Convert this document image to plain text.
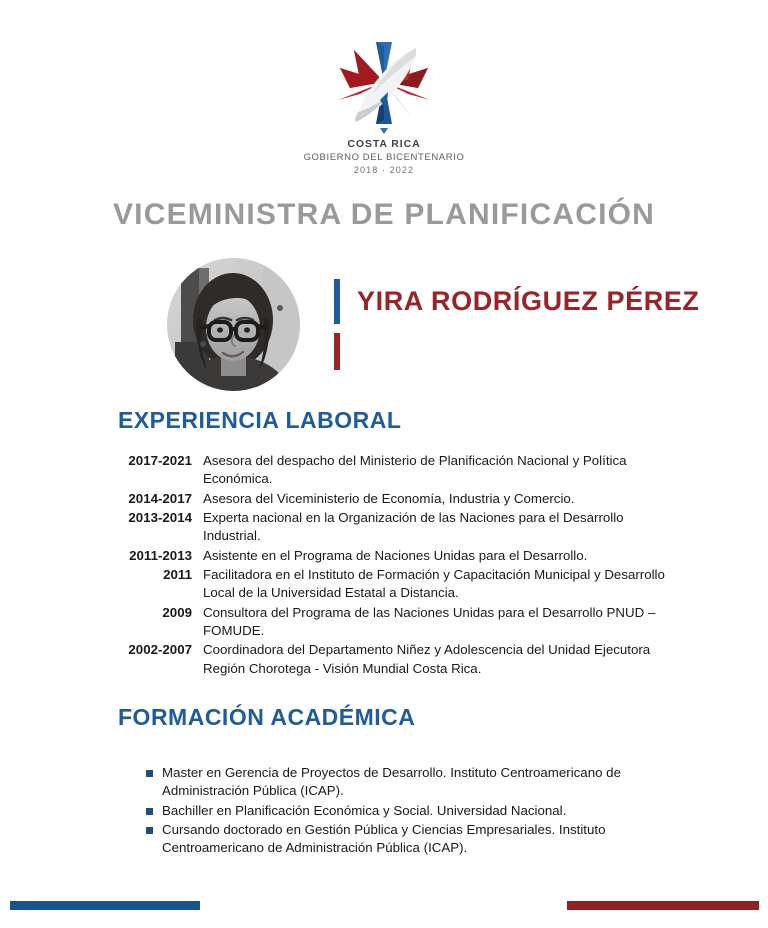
COSTA RICA
GOBIERNO DEL BICENTENARIO
2018 · 2022
VICEMINISTRA DE PLANIFICACIÓN
YIRA RODRÍGUEZ PÉREZ
EXPERIENCIA LABORAL
2017-2021 Asesora del despacho del Ministerio de Planificación Nacional y Política Económica.
2014-2017 Asesora del Viceministerio de Economía, Industria y Comercio.
2013-2014 Experta nacional en la Organización de las Naciones para el Desarrollo Industrial.
2011-2013 Asistente en el Programa de Naciones Unidas para el Desarrollo.
2011 Facilitadora en el Instituto de Formación y Capacitación Municipal y Desarrollo Local de la Universidad Estatal a Distancia.
2009 Consultora del Programa de las Naciones Unidas para el Desarrollo PNUD – FOMUDE.
2002-2007 Coordinadora del Departamento Niñez y Adolescencia del Unidad Ejecutora Región Chorotega - Visión Mundial Costa Rica.
FORMACIÓN ACADÉMICA
Master en Gerencia de Proyectos de Desarrollo. Instituto Centroamericano de Administración Pública (ICAP).
Bachiller en Planificación Económica y Social. Universidad Nacional.
Cursando doctorado en Gestión Pública y Ciencias Empresariales. Instituto Centroamericano de Administración Pública (ICAP).
